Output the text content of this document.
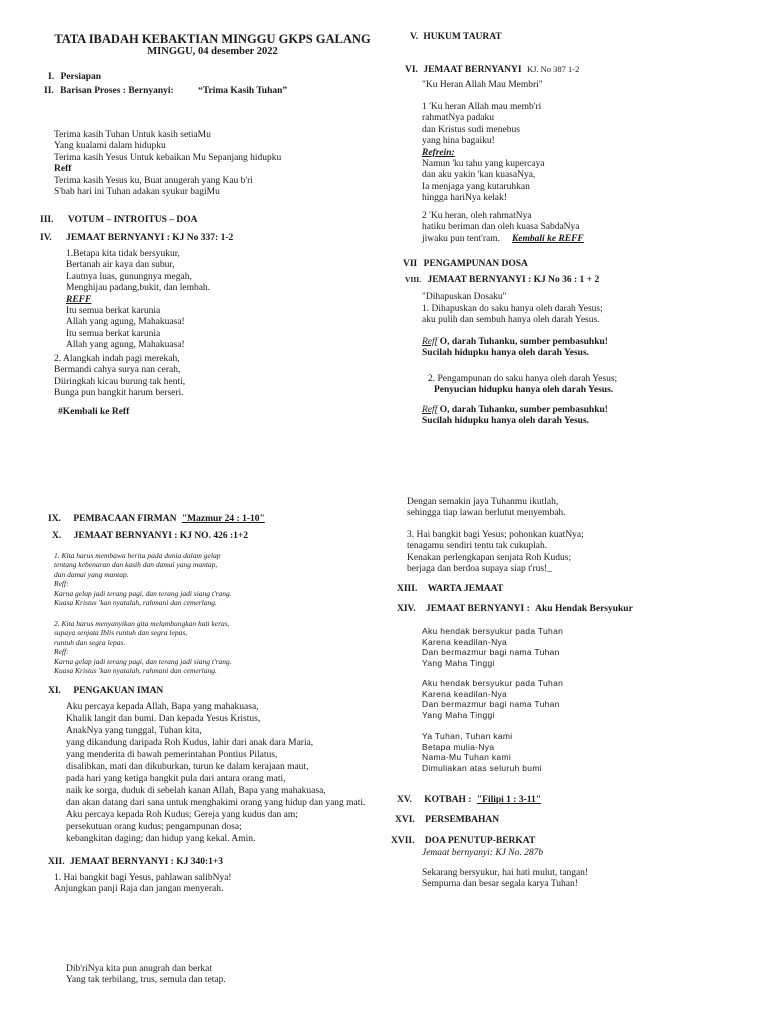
TATA IBADAH KEBAKTIAN MINGGU GKPS GALANG
MINGGU, 04 desember 2022
I. Persiapan
II. Barisan Proses : Bernyanyi:	“Trima Kasih Tuhan”
Terima kasih Tuhan Untuk kasih setiaMu
Yang kualami dalam hidupku
Terima kasih Yesus Untuk kebaikan Mu Sepanjang hidupku
Reff
Terima kasih Yesus ku, Buat anugerah yang Kau b'ri
S'bab hari ini Tuhan adakan syukur bagiMu
III. VOTUM – INTROITUS – DOA
IV. JEMAAT BERNYANYI : KJ No 337: 1-2
1.Betapa kita tidak bersyukur,
Bertanah air kaya dan subur,
Lautnya luas, gunungnya megah,
Menghijau padang,bukit, dan lembah.
REFF
Itu semua berkat karunia
Allah yang agung, Mahakuasa!
Itu semua berkat karunia
Allah yang agung, Mahakuasa!
2. Alangkah indah pagi merekah,
Bermandi cahya surya nan cerah,
Diiringkah kicau burung tak henti,
Bunga pun bangkit harum berseri.
#Kembali ke Reff
IX. PEMBACAAN FIRMAN "Mazmur 24 : 1-10"
X. JEMAAT BERNYANYI : KJ NO. 426 :1+2
1. Kita harus membawa berita pada dunia dalam gelap
tentang kebenaran dan kasih dan damai yang mantap,
dan damai yang mantap.
Reff:
Karna gelap jadi terang pagi, dan terang jadi siang t'rang.
Kuasa Kristus 'kan nyatalah, rahmani dan cemerlang.
2. Kita harus menyanyikan gita melambungkan hati keras,
supaya senjata Iblis runtuh dan segra lepas,
runtuh dan segra lepas.
Reff:
Karna gelap jadi terang pagi, dan terang jadi siang t'rang.
Kuasa Kristus 'kan nyatalah, rahmani dan cemerlang.
XI. PENGAKUAN IMAN
Aku percaya kepada Allah, Bapa yang mahakuasa,
Khalik langit dan bumi. Dan kepada Yesus Kristus,
AnakNya yang tunggal, Tuhan kita,
yang dikandung daripada Roh Kudus, lahir dari anak dara Maria,
yang menderita di bawah pemerintahan Pontius Pilatus,
disalibkan, mati dan dikuburkan, turun ke dalam kerajaan maut,
pada hari yang ketiga bangkit pula dari antara orang mati,
naik ke sorga, duduk di sebelah kanan Allah, Bapa yang mahakuasa,
dan akan datang dari sana untuk menghakimi orang yang hidup dan yang mati.
Aku percaya kepada Roh Kudus; Gereja yang kudus dan am;
persekutuan orang kudus; pengampunan dosa;
kebangkitan daging; dan hidup yang kekal. Amin.
XII. JEMAAT BERNYANYI : KJ 340:1+3
1. Hai bangkit bagi Yesus, pahlawan salibNya!
Anjungkan panji Raja dan jangan menyerah.
Dib'riNya kita pun anugrah dan berkat
Yang tak terbilang, trus, semula dan tetap.
V. HUKUM TAURAT
VI. JEMAAT BERNYANYI KJ. No 387 1-2
"Ku Heran Allah Mau Membri"
1 'Ku heran Allah mau memb'ri
rahmatNya padaku
dan Kristus sudi menebus
yang hina bagaiku!
Refrein:
Namun 'ku tahu yang kupercaya
dan aku yakin 'kan kuasaNya,
Ia menjaga yang kutaruhkan
hingga hariNya kelak!
2 'Ku heran, oleh rahmatNya
hatiku beriman dan oleh kuasa SabdaNya
jiwaku pun tent'ram. Kembali ke REFF
VII PENGAMPUNAN DOSA
VIII. JEMAAT BERNYANYI : KJ No 36 : 1 + 2
"Dihapuskan Dosaku"
1. Dihapuskan do saku hanya oleh darah Yesus;
aku pulih dan sembuh hanya oleh darah Yesus.
Reff O, darah Tuhanku, sumber pembasuhku!
Sucilah hidupku hanya oleh darah Yesus.
2. Pengampunan do saku hanya oleh darah Yesus;
Penyucian hidupku hanya oleh darah Yesus.
Reff O, darah Tuhanku, sumber pembasuhku!
Sucilah hidupku hanya oleh darah Yesus.
Dengan semakin jaya Tuhanmu ikutlah,
sehingga tiap lawan berlutut menyembah.
3. Hai bangkit bagi Yesus; pohonkan kuatNya;
tenagamu sendiri tentu tak cukuplah.
Kenakan perlengkapan senjata Roh Kudus;
berjaga dan berdoa supaya siap t'rus!_
XIII. WARTA JEMAAT
XIV. JEMAAT BERNYANYI : Aku Hendak Bersyukur
Aku hendak bersyukur pada Tuhan
Karena keadilan-Nya
Dan bermazmur bagi nama Tuhan
Yang Maha Tinggi
Aku hendak bersyukur pada Tuhan
Karena keadilan-Nya
Dan bermazmur bagi nama Tuhan
Yang Maha Tinggi
Ya Tuhan, Tuhan kami
Betapa mulia-Nya
Nama-Mu Tuhan kami
Dimuliakan atas seluruh bumi
XV. KOTBAH : "Filipi 1 : 3-11"
XVI. PERSEMBAHAN
XVII. DOA PENUTUP-BERKAT
Jemaat bernyanyi: KJ No. 287b
Sekarang bersyukur, hai hati mulut, tangan!
Sempurna dan besar segala karya Tuhan!
